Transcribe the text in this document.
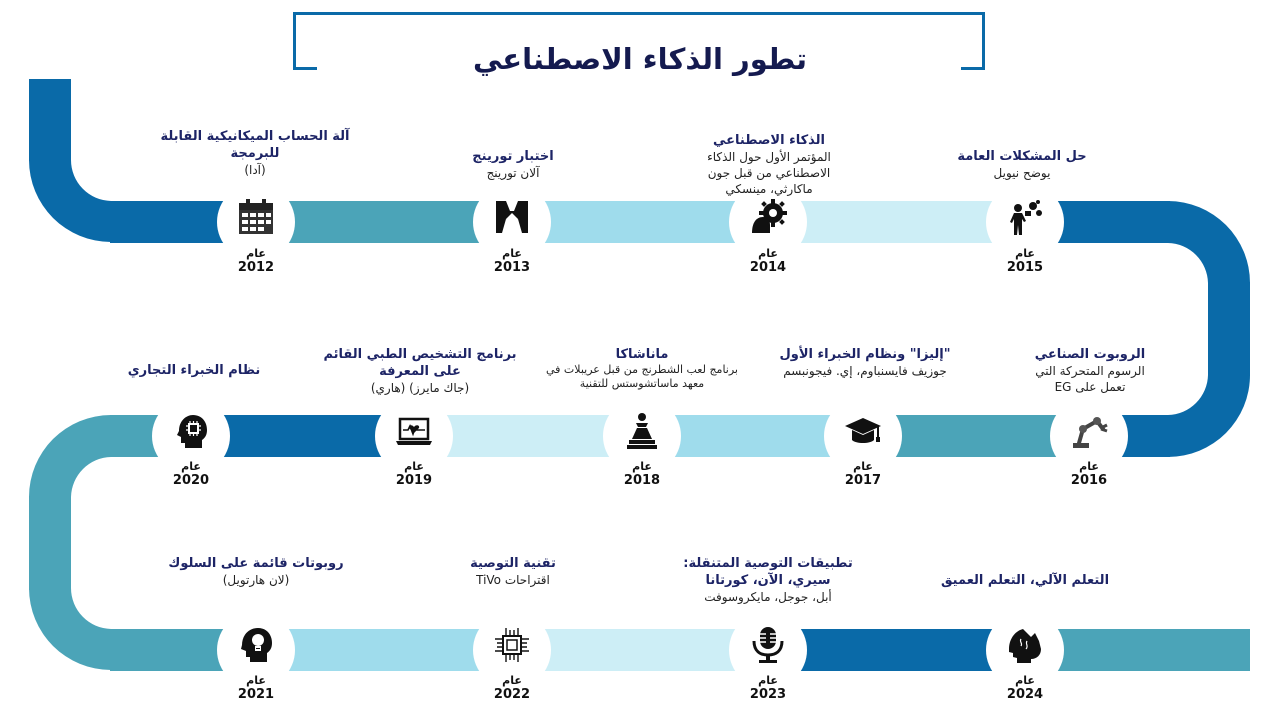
تطور الذكاء الاصطناعي
عام
2012
آلة الحساب الميكانيكية القابلة للبرمجة
(آدا)
عام
2013
اختبار تورينج
آلان تورينج
عام
2014
الذكاء الاصطناعي
المؤتمر الأول حول الذكاء الاصطناعي من قبل جون ماكارثي، مينسكي
عام
2015
حل المشكلات العامة
يوضح نيويل
عام
2016
الروبوت الصناعي
الرسوم المتحركة التي تعمل على EG
عام
2017
"إليزا" ونظام الخبراء الأول
جوزيف فايسنباوم، إي. فيجونبسم
عام
2018
ماناشاكا
برنامج لعب الشطرنج من قبل عريبلات في معهد ماساتشوستس للتقنية
عام
2019
برنامج التشخيص الطبي القائم على المعرفة
(جاك مايرز) (هاري)
عام
2020
نظام الخبراء التجاري
عام
2021
روبوتات قائمة على السلوك
(لان هارتويل)
عام
2022
تقنية التوصية
اقتراحات TiVo
عام
2023
تطبيقات التوصية المتنقلة: سيري، الآن، كورتانا
أبل، جوجل، مايكروسوفت
عام
2024
التعلم الآلي، التعلم العميق
